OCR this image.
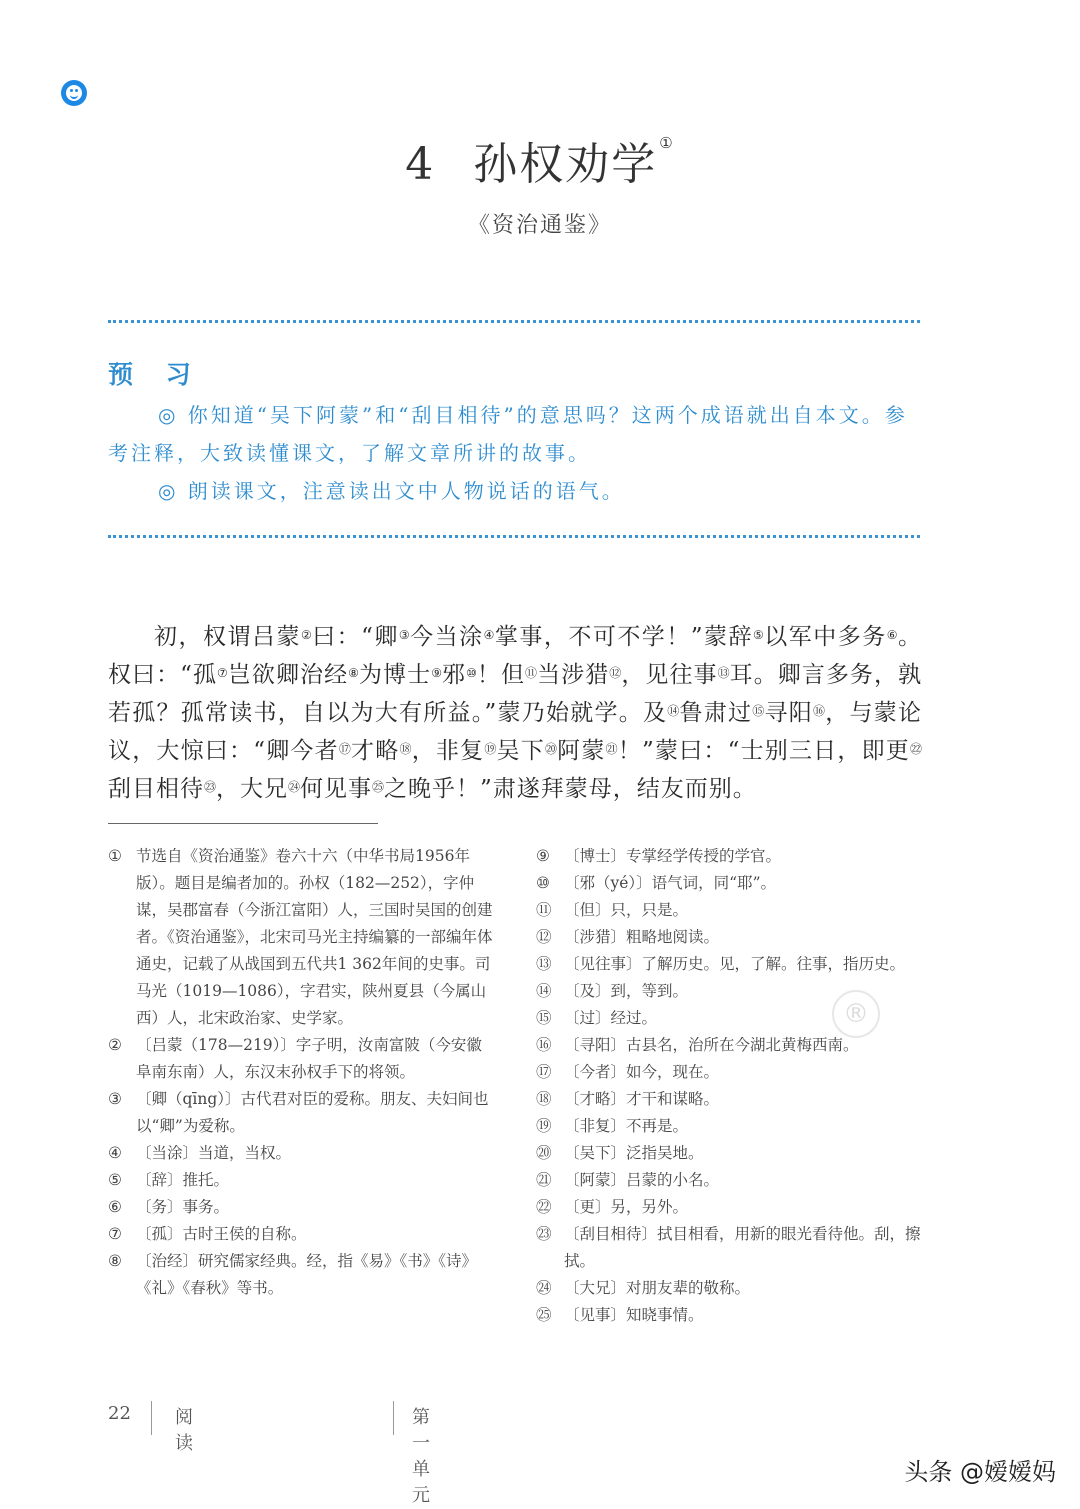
4 孙权劝学 ①
《资治通鉴》
预 习

◎ 你知道“吴下阿蒙”和“刮目相待”的意思吗？这两个成语就出自本文。参考注释，大致读懂课文，了解文章所讲的故事。

◎ 朗读课文，注意读出文中人物说话的语气。

初，权谓吕蒙②曰：“卿③今当涂④掌事，不可不学！”蒙辞⑤以军中多务⑥。权曰：“孤⑦岂欲卿治经⑧为博士⑨邪⑩！但⑪当涉猎⑫，见往事⑬耳。卿言多务，孰若孤？孤常读书，自以为大有所益。”蒙乃始就学。及⑭鲁肃过⑮寻阳⑯，与蒙论议，大惊曰：“卿今者⑰才略⑱，非复⑲吴下⑳阿蒙$^㉑$！”蒙曰：“士别三日，即更$^㉒$刮目相待$^㉓$，大兄$^㉔$何见事$^㉕$之晚乎！”肃遂拜蒙母，结友而别。
① 节选自《资治通鉴》卷六十六（中华书局1956年版）。题目是编者加的。孙权（182—252），字仲谋，吴郡富春（今浙江富阳）人，三国时吴国的创建者。《资治通鉴》，北宋司马光主持编纂的一部编年体通史，记载了从战国到五代共1 362年间的史事。司马光（1019—1086），字君实，陕州夏县（今属山西）人，北宋政治家、史学家。
② 〔吕蒙（178—219）〕字子明，汝南富陂（今安徽阜南东南）人，东汉末孙权手下的将领。
③ 〔卿（qīng）〕古代君对臣的爱称。朋友、夫妇间也以“卿”为爱称。
④ 〔当涂〕当道，当权。
⑤ 〔辞〕推托。
⑥ 〔务〕事务。
⑦ 〔孤〕古时王侯的自称。
⑧ 〔治经〕研究儒家经典。经，指《易》《书》《诗》《礼》《春秋》等书。
⑨ 〔博士〕专掌经学传授的学官。
⑩ 〔邪（yé）〕语气词，同“耶”。
⑪ 〔但〕只，只是。
⑫ 〔涉猎〕粗略地阅读。
⑬ 〔见往事〕了解历史。见，了解。往事，指历史。
⑭ 〔及〕到，等到。
⑮ 〔过〕经过。
⑯ 〔寻阳〕古县名，治所在今湖北黄梅西南。
⑰ 〔今者〕如今，现在。
⑱ 〔才略〕才干和谋略。
⑲ 〔非复〕不再是。
⑳ 〔吴下〕泛指吴地。
㉑ 〔阿蒙〕吕蒙的小名。
㉒ 〔更〕另，另外。
㉓ 〔刮目相待〕拭目相看，用新的眼光看待他。刮，擦拭。
㉔ 〔大兄〕对朋友辈的敬称。
㉕ 〔见事〕知晓事情。
®
22 阅读
第一单元
头条 @嫒嫒妈
